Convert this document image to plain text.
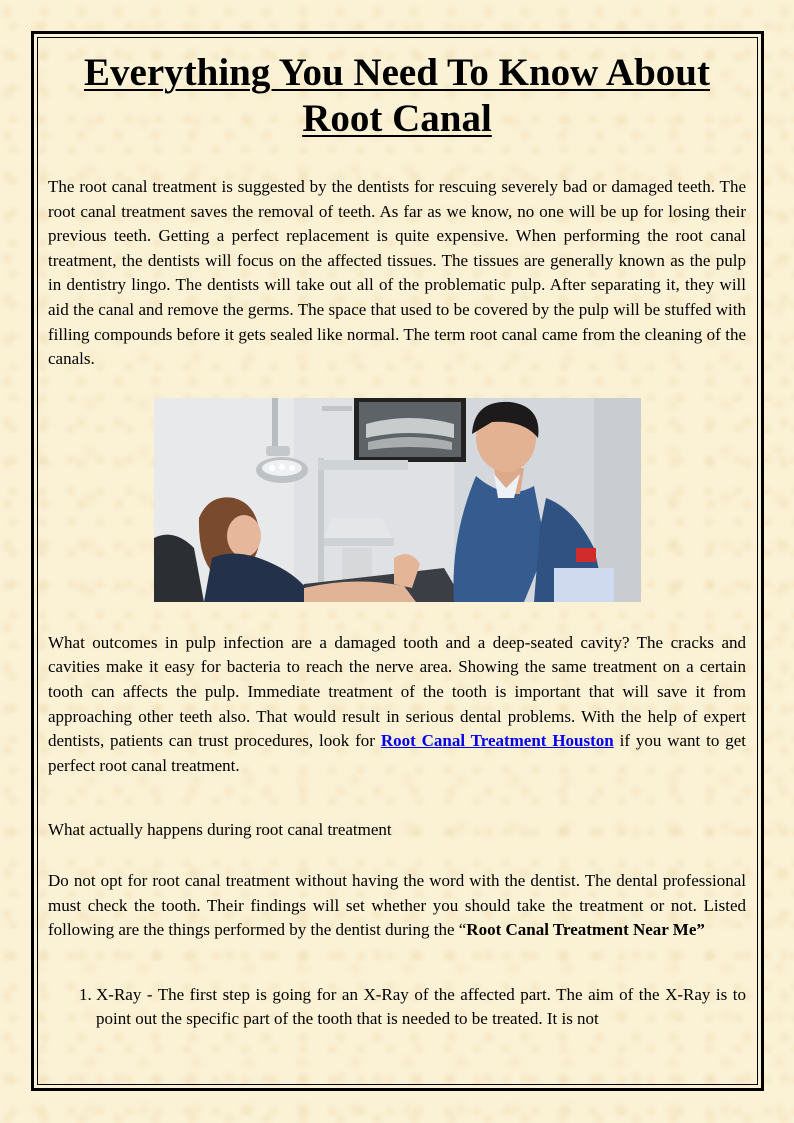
Everything You Need To Know About Root Canal

The root canal treatment is suggested by the dentists for rescuing severely bad or damaged teeth. The root canal treatment saves the removal of teeth. As far as we know, no one will be up for losing their previous teeth. Getting a perfect replacement is quite expensive. When performing the root canal treatment, the dentists will focus on the affected tissues. The tissues are generally known as the pulp in dentistry lingo. The dentists will take out all of the problematic pulp. After separating it, they will aid the canal and remove the germs. The space that used to be covered by the pulp will be stuffed with filling compounds before it gets sealed like normal. The term root canal came from the cleaning of the canals.

What outcomes in pulp infection are a damaged tooth and a deep-seated cavity? The cracks and cavities make it easy for bacteria to reach the nerve area. Showing the same treatment on a certain tooth can affects the pulp. Immediate treatment of the tooth is important that will save it from approaching other teeth also. That would result in serious dental problems. With the help of expert dentists, patients can trust procedures, look for Root Canal Treatment Houston if you want to get perfect root canal treatment.

What actually happens during root canal treatment

Do not opt for root canal treatment without having the word with the dentist. The dental professional must check the tooth. Their findings will set whether you should take the treatment or not. Listed following are the things performed by the dentist during the “Root Canal Treatment Near Me”

1. X-Ray - The first step is going for an X-Ray of the affected part. The aim of the X-Ray is to point out the specific part of the tooth that is needed to be treated. It is not
